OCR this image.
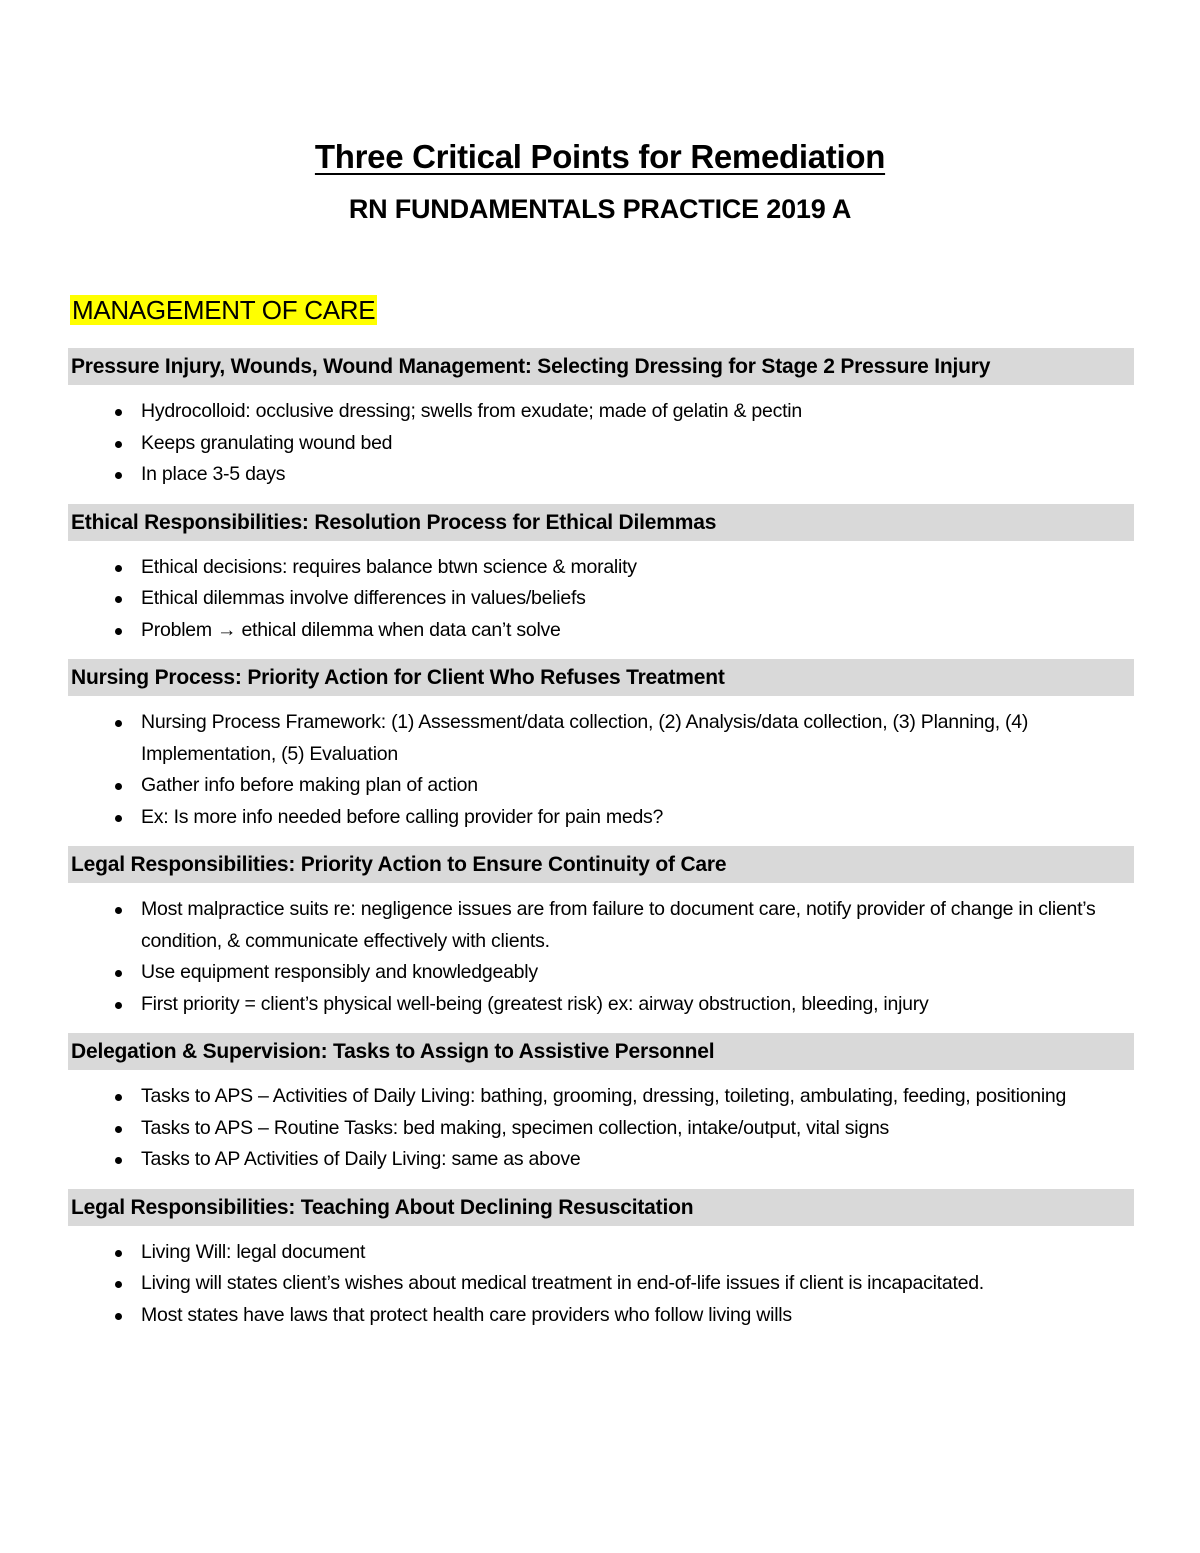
Three Critical Points for Remediation
RN FUNDAMENTALS PRACTICE 2019 A
MANAGEMENT OF CARE
Pressure Injury, Wounds, Wound Management: Selecting Dressing for Stage 2 Pressure Injury
Hydrocolloid: occlusive dressing; swells from exudate; made of gelatin & pectin
Keeps granulating wound bed
In place 3-5 days
Ethical Responsibilities: Resolution Process for Ethical Dilemmas
Ethical decisions: requires balance btwn science & morality
Ethical dilemmas involve differences in values/beliefs
Problem → ethical dilemma when data can’t solve
Nursing Process: Priority Action for Client Who Refuses Treatment
Nursing Process Framework: (1) Assessment/data collection, (2) Analysis/data collection, (3) Planning, (4) Implementation, (5) Evaluation
Gather info before making plan of action
Ex: Is more info needed before calling provider for pain meds?
Legal Responsibilities: Priority Action to Ensure Continuity of Care
Most malpractice suits re: negligence issues are from failure to document care, notify provider of change in client’s condition, & communicate effectively with clients.
Use equipment responsibly and knowledgeably
First priority = client’s physical well-being (greatest risk) ex: airway obstruction, bleeding, injury
Delegation & Supervision: Tasks to Assign to Assistive Personnel
Tasks to APS – Activities of Daily Living: bathing, grooming, dressing, toileting, ambulating, feeding, positioning
Tasks to APS – Routine Tasks: bed making, specimen collection, intake/output, vital signs
Tasks to AP Activities of Daily Living: same as above
Legal Responsibilities: Teaching About Declining Resuscitation
Living Will: legal document
Living will states client’s wishes about medical treatment in end-of-life issues if client is incapacitated.
Most states have laws that protect health care providers who follow living wills
